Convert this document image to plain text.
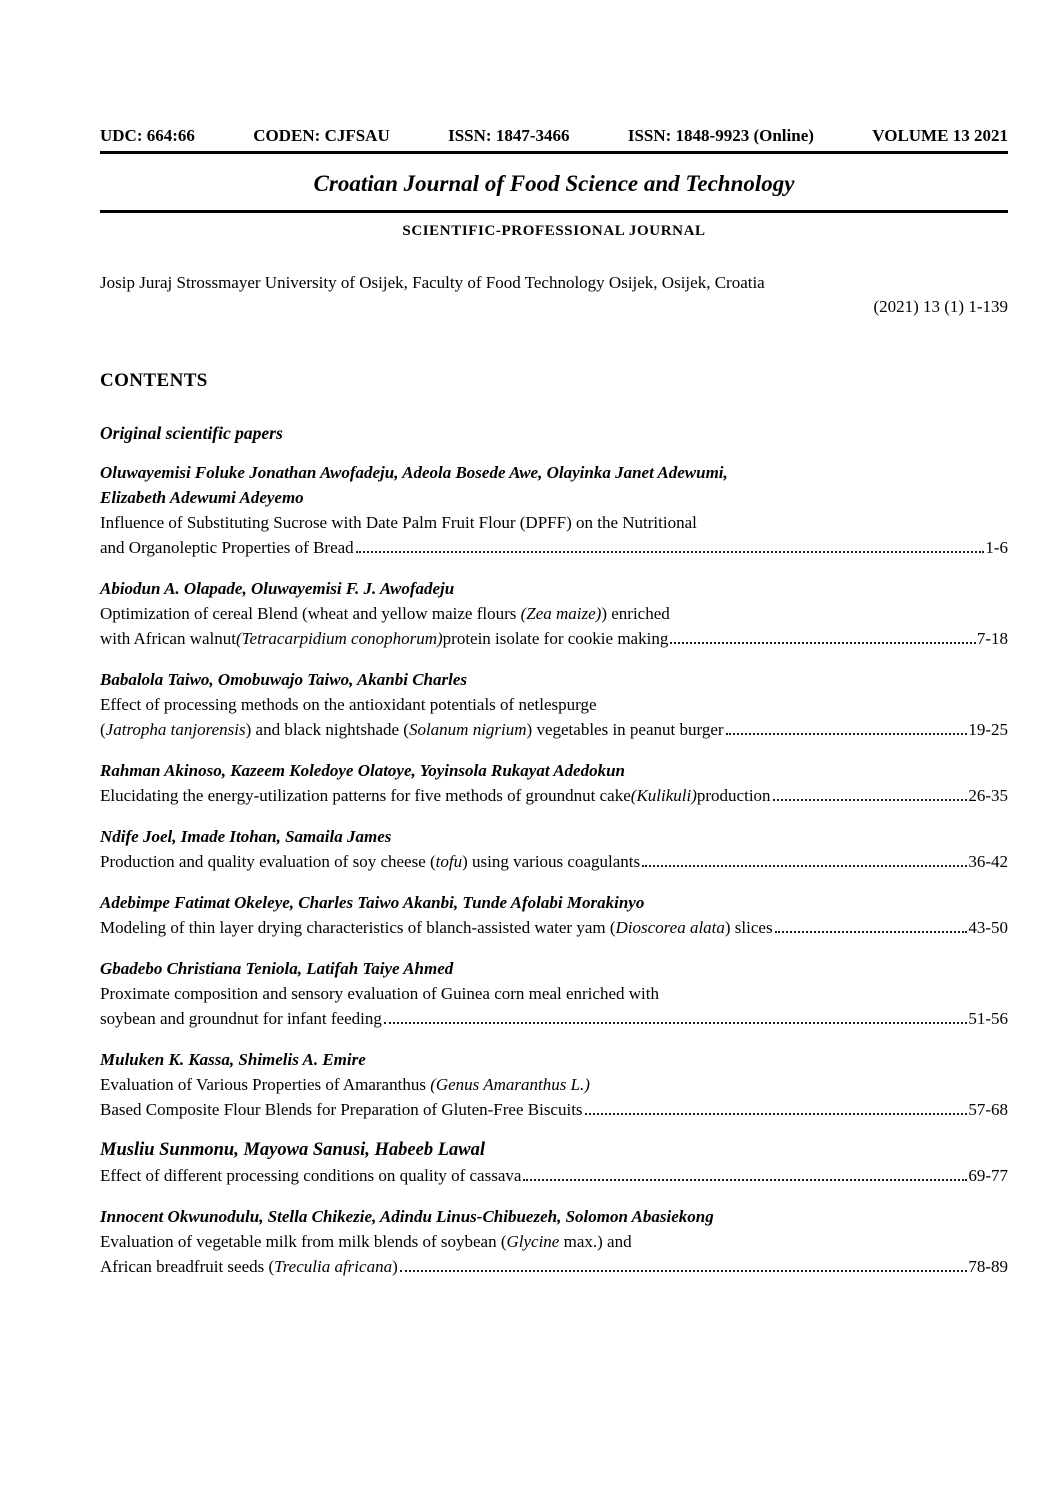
UDC: 664:66	CODEN: CJFSAU	ISSN: 1847-3466	ISSN: 1848-9923 (Online)	VOLUME 13 2021
Croatian Journal of Food Science and Technology
SCIENTIFIC-PROFESSIONAL JOURNAL
Josip Juraj Strossmayer University of Osijek, Faculty of Food Technology Osijek, Osijek, Croatia
(2021) 13 (1) 1-139
CONTENTS
Original scientific papers
Oluwayemisi Foluke Jonathan Awofadeju, Adeola Bosede Awe, Olayinka Janet Adewumi,
Elizabeth Adewumi Adeyemo
Influence of Substituting Sucrose with Date Palm Fruit Flour (DPFF) on the Nutritional
and Organoleptic Properties of Bread	1-6
Abiodun A. Olapade, Oluwayemisi F. J. Awofadeju
Optimization of cereal Blend (wheat and yellow maize flours (Zea maize)) enriched
with African walnut (Tetracarpidium conophorum) protein isolate for cookie making	7-18
Babalola Taiwo, Omobuwajo Taiwo, Akanbi Charles
Effect of processing methods on the antioxidant potentials of netlespurge
( Jatropha tanjorensis ) and black nightshade ( Solanum nigrium ) vegetables in peanut burger	19-25
Rahman Akinoso, Kazeem Koledoye Olatoye, Yoyinsola Rukayat Adedokun
Elucidating the energy-utilization patterns for five methods of groundnut cake (Kulikuli) production	26-35
Ndife Joel, Imade Itohan, Samaila James
Production and quality evaluation of soy cheese ( tofu ) using various coagulants	36-42
Adebimpe Fatimat Okeleye, Charles Taiwo Akanbi, Tunde Afolabi Morakinyo
Modeling of thin layer drying characteristics of blanch-assisted water yam ( Dioscorea alata ) slices	43-50
Gbadebo Christiana Teniola, Latifah Taiye Ahmed
Proximate composition and sensory evaluation of Guinea corn meal enriched with
soybean and groundnut for infant feeding	51-56
Muluken K. Kassa, Shimelis A. Emire
Evaluation of Various Properties of Amaranthus (Genus Amaranthus L.)
Based Composite Flour Blends for Preparation of Gluten-Free Biscuits	57-68
Musliu Sunmonu, Mayowa Sanusi, Habeeb Lawal
Effect of different processing conditions on quality of cassava	69-77
Innocent Okwunodulu, Stella Chikezie, Adindu Linus-Chibuezeh, Solomon Abasiekong
Evaluation of vegetable milk from milk blends of soybean (Glycine max.) and
African breadfruit seeds ( Treculia africana )	78-89
